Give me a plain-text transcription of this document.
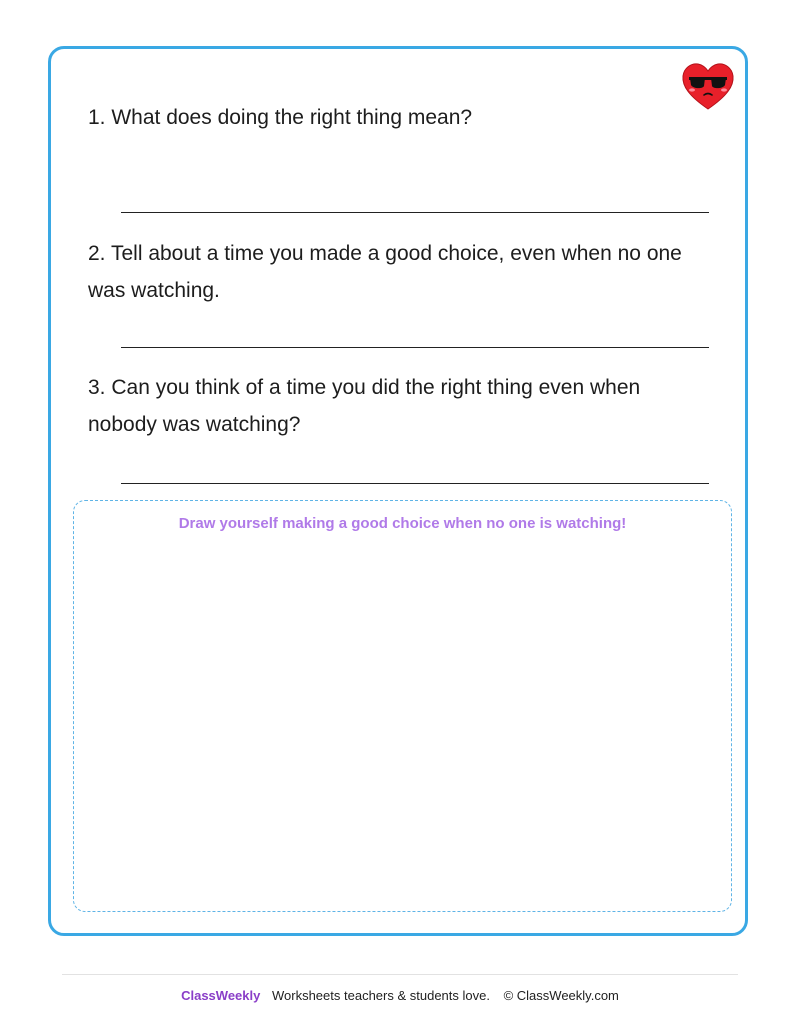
1. What does doing the right thing mean?

2. Tell about a time you made a good choice, even when no one was watching.

3. Can you think of a time you did the right thing even when nobody was watching?

Draw yourself making a good choice when no one is watching!
ClassWeekly Worksheets teachers & students love. © ClassWeekly.com
